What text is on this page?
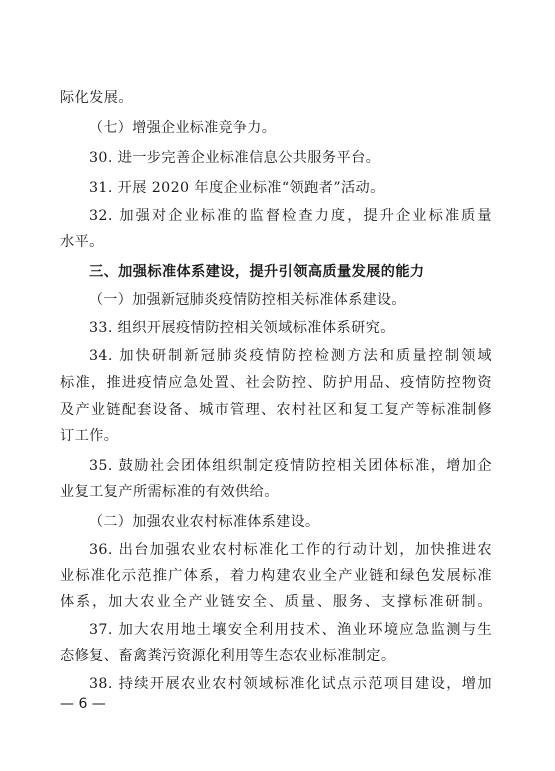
际化发展。
（七）增强企业标准竞争力。
30. 进一步完善企业标准信息公共服务平台。
31. 开展 2020 年度企业标准“领跑者”活动。
32. 加强对企业标准的监督检查力度，提升企业标准质量
水平。
三、加强标准体系建设，提升引领高质量发展的能力
（一）加强新冠肺炎疫情防控相关标准体系建设。
33. 组织开展疫情防控相关领域标准体系研究。
34. 加快研制新冠肺炎疫情防控检测方法和质量控制领域
标准，推进疫情应急处置、社会防控、防护用品、疫情防控物资
及产业链配套设备、城市管理、农村社区和复工复产等标准制修
订工作。
35. 鼓励社会团体组织制定疫情防控相关团体标准，增加企
业复工复产所需标准的有效供给。
（二）加强农业农村标准体系建设。
36. 出台加强农业农村标准化工作的行动计划，加快推进农
业标准化示范推广体系，着力构建农业全产业链和绿色发展标准
体系，加大农业全产业链安全、质量、服务、支撑标准研制。
37. 加大农用地土壤安全利用技术、渔业环境应急监测与生
态修复、畜禽粪污资源化利用等生态农业标准制定。
38. 持续开展农业农村领域标准化试点示范项目建设，增加
— 6 —
